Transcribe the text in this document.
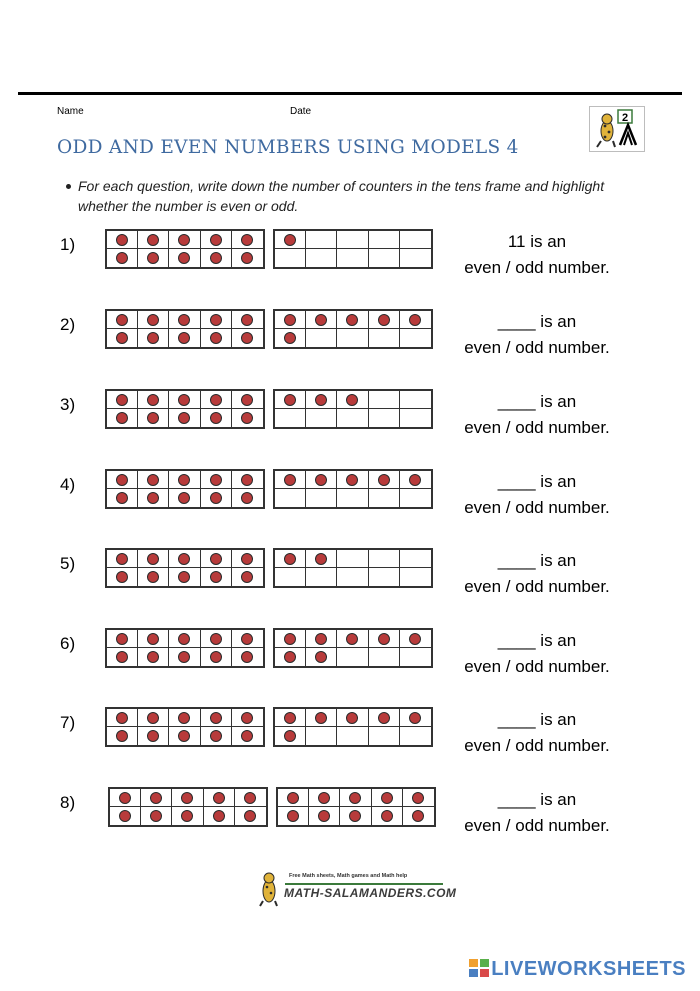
Name	Date
2
ODD AND EVEN NUMBERS USING MODELS 4
For each question, write down the number of counters in the tens frame and highlight whether the number is even or odd.
1)	11 is an
even / odd number.
2)	____ is an
even / odd number.
3)	____ is an
even / odd number.
4)	____ is an
even / odd number.
5)	____ is an
even / odd number.
6)	____ is an
even / odd number.
7)	____ is an
even / odd number.
8)	____ is an
even / odd number.
Free Math sheets, Math games and Math help
MATH-SALAMANDERS.COM
LIVEWORKSHEETS
